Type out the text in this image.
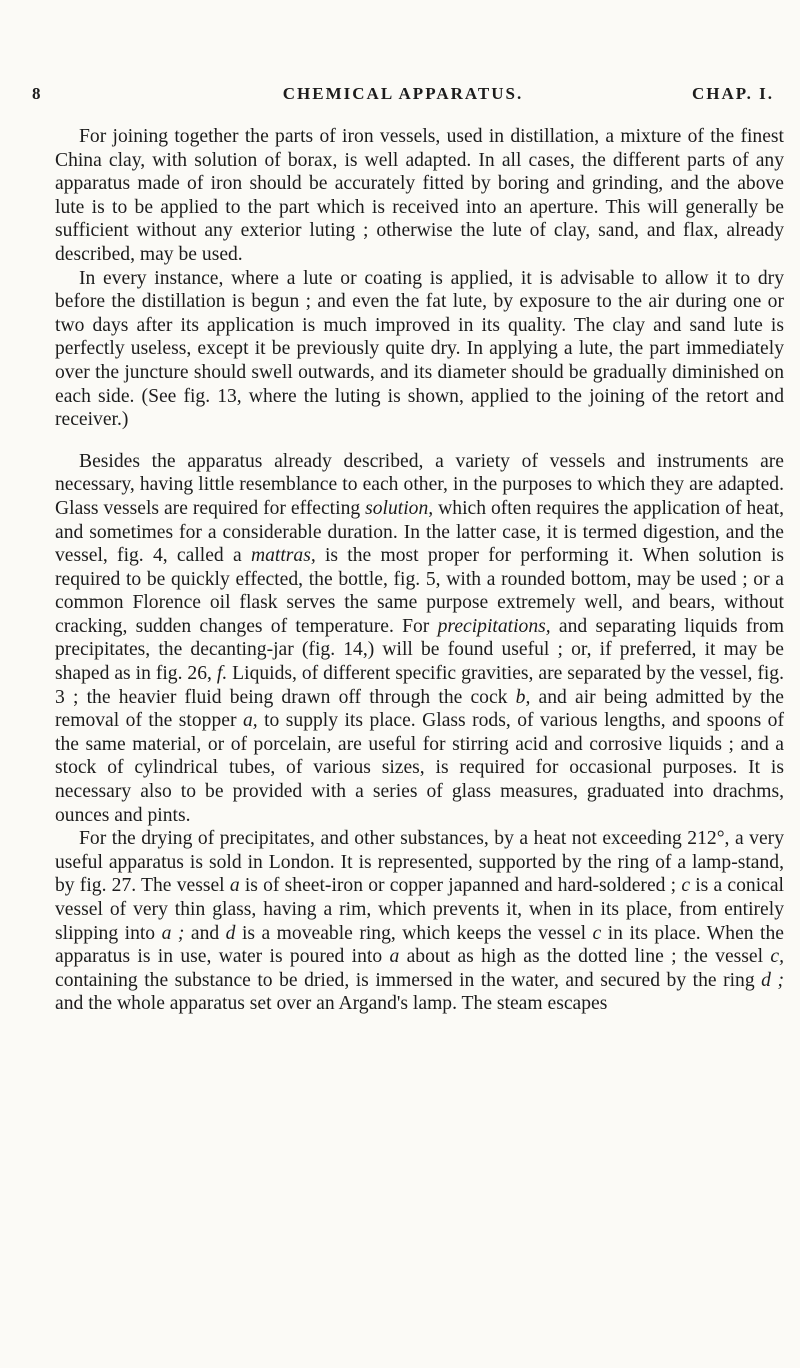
8	CHEMICAL APPARATUS.	CHAP. I.

For joining together the parts of iron vessels, used in distillation, a mixture of the finest China clay, with solution of borax, is well adapted. In all cases, the different parts of any apparatus made of iron should be accurately fitted by boring and grinding, and the above lute is to be applied to the part which is received into an aperture. This will generally be sufficient without any exterior luting ; otherwise the lute of clay, sand, and flax, already described, may be used.

In every instance, where a lute or coating is applied, it is advisable to allow it to dry before the distillation is begun ; and even the fat lute, by exposure to the air during one or two days after its application is much improved in its quality. The clay and sand lute is perfectly useless, except it be previously quite dry. In applying a lute, the part immediately over the juncture should swell outwards, and its diameter should be gradually diminished on each side. (See fig. 13, where the luting is shown, applied to the joining of the retort and receiver.)

Besides the apparatus already described, a variety of vessels and instruments are necessary, having little resemblance to each other, in the purposes to which they are adapted. Glass vessels are required for effecting solution, which often requires the application of heat, and sometimes for a considerable duration. In the latter case, it is termed digestion, and the vessel, fig. 4, called a mattras, is the most proper for performing it. When solution is required to be quickly effected, the bottle, fig. 5, with a rounded bottom, may be used ; or a common Florence oil flask serves the same purpose extremely well, and bears, without cracking, sudden changes of temperature. For precipitations, and separating liquids from precipitates, the decanting-jar (fig. 14,) will be found useful ; or, if preferred, it may be shaped as in fig. 26, f. Liquids, of different specific gravities, are separated by the vessel, fig. 3 ; the heavier fluid being drawn off through the cock b, and air being admitted by the removal of the stopper a, to supply its place. Glass rods, of various lengths, and spoons of the same material, or of porcelain, are useful for stirring acid and corrosive liquids ; and a stock of cylindrical tubes, of various sizes, is required for occasional purposes. It is necessary also to be provided with a series of glass measures, graduated into drachms, ounces and pints.

For the drying of precipitates, and other substances, by a heat not exceeding 212°, a very useful apparatus is sold in London. It is represented, supported by the ring of a lamp-stand, by fig. 27. The vessel a is of sheet-iron or copper japanned and hard-soldered ; c is a conical vessel of very thin glass, having a rim, which prevents it, when in its place, from entirely slipping into a ; and d is a moveable ring, which keeps the vessel c in its place. When the apparatus is in use, water is poured into a about as high as the dotted line ; the vessel c, containing the substance to be dried, is immersed in the water, and secured by the ring d ; and the whole apparatus set over an Argand's lamp. The steam escapes
